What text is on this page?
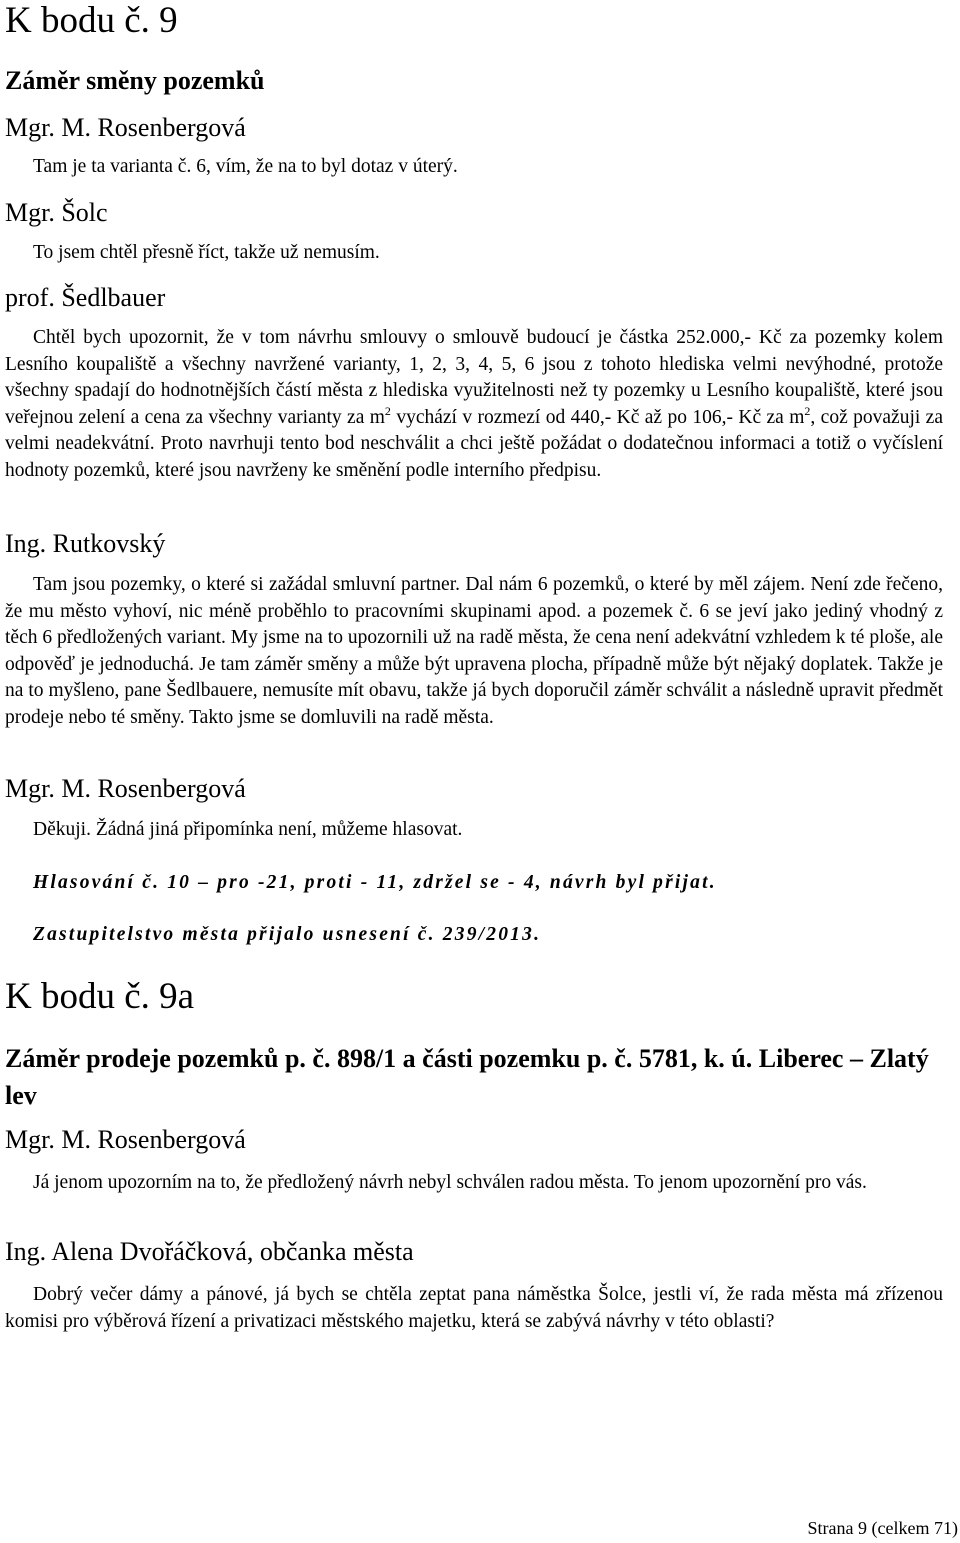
K bodu č. 9
Záměr směny pozemků
Mgr. M. Rosenbergová
Tam je ta varianta č. 6, vím, že na to byl dotaz v úterý.
Mgr. Šolc
To jsem chtěl přesně říct, takže už nemusím.
prof. Šedlbauer

Chtěl bych upozornit, že v tom návrhu smlouvy o smlouvě budoucí je částka 252.000,- Kč za pozemky kolem Lesního koupaliště a všechny navržené varianty, 1, 2, 3, 4, 5, 6 jsou z tohoto hlediska velmi nevýhodné, protože všechny spadají do hodnotnějších částí města z hlediska využitelnosti než ty pozemky u Lesního koupaliště, které jsou veřejnou zelení a cena za všechny varianty za $m^2$ vychází v rozmezí od 440,- Kč až po 106,- Kč za $m^2$, což považuji za velmi neadekvátní. Proto navrhuji tento bod neschválit a chci ještě požádat o dodatečnou informaci a totiž o vyčíslení hodnoty pozemků, které jsou navrženy ke směnění podle interního předpisu.

Ing. Rutkovský

Tam jsou pozemky, o které si zažádal smluvní partner. Dal nám 6 pozemků, o které by měl zájem. Není zde řečeno, že mu město vyhoví, nic méně proběhlo to pracovními skupinami apod. a pozemek č. 6 se jeví jako jediný vhodný z těch 6 předložených variant. My jsme na to upozornili už na radě města, že cena není adekvátní vzhledem k té ploše, ale odpověď je jednoduchá. Je tam záměr směny a může být upravena plocha, případně může být nějaký doplatek. Takže je na to myšleno, pane Šedlbauere, nemusíte mít obavu, takže já bych doporučil záměr schválit a následně upravit předmět prodeje nebo té směny. Takto jsme se domluvili na radě města.

Mgr. M. Rosenbergová
Děkuji. Žádná jiná připomínka není, můžeme hlasovat.
Hlasování č. 10 – pro -21, proti - 11, zdržel se - 4, návrh byl přijat.
Zastupitelstvo města přijalo usnesení č. 239/2013.
K bodu č. 9a
Záměr prodeje pozemků p. č. 898/1 a části pozemku p. č. 5781, k. ú. Liberec – Zlatý lev
Mgr. M. Rosenbergová

Já jenom upozorním na to, že předložený návrh nebyl schválen radou města. To jenom upozornění pro vás.

Ing. Alena Dvořáčková, občanka města

Dobrý večer dámy a pánové, já bych se chtěla zeptat pana náměstka Šolce, jestli ví, že rada města má zřízenou komisi pro výběrová řízení a privatizaci městského majetku, která se zabývá návrhy v této oblasti?

Strana 9 (celkem 71)
